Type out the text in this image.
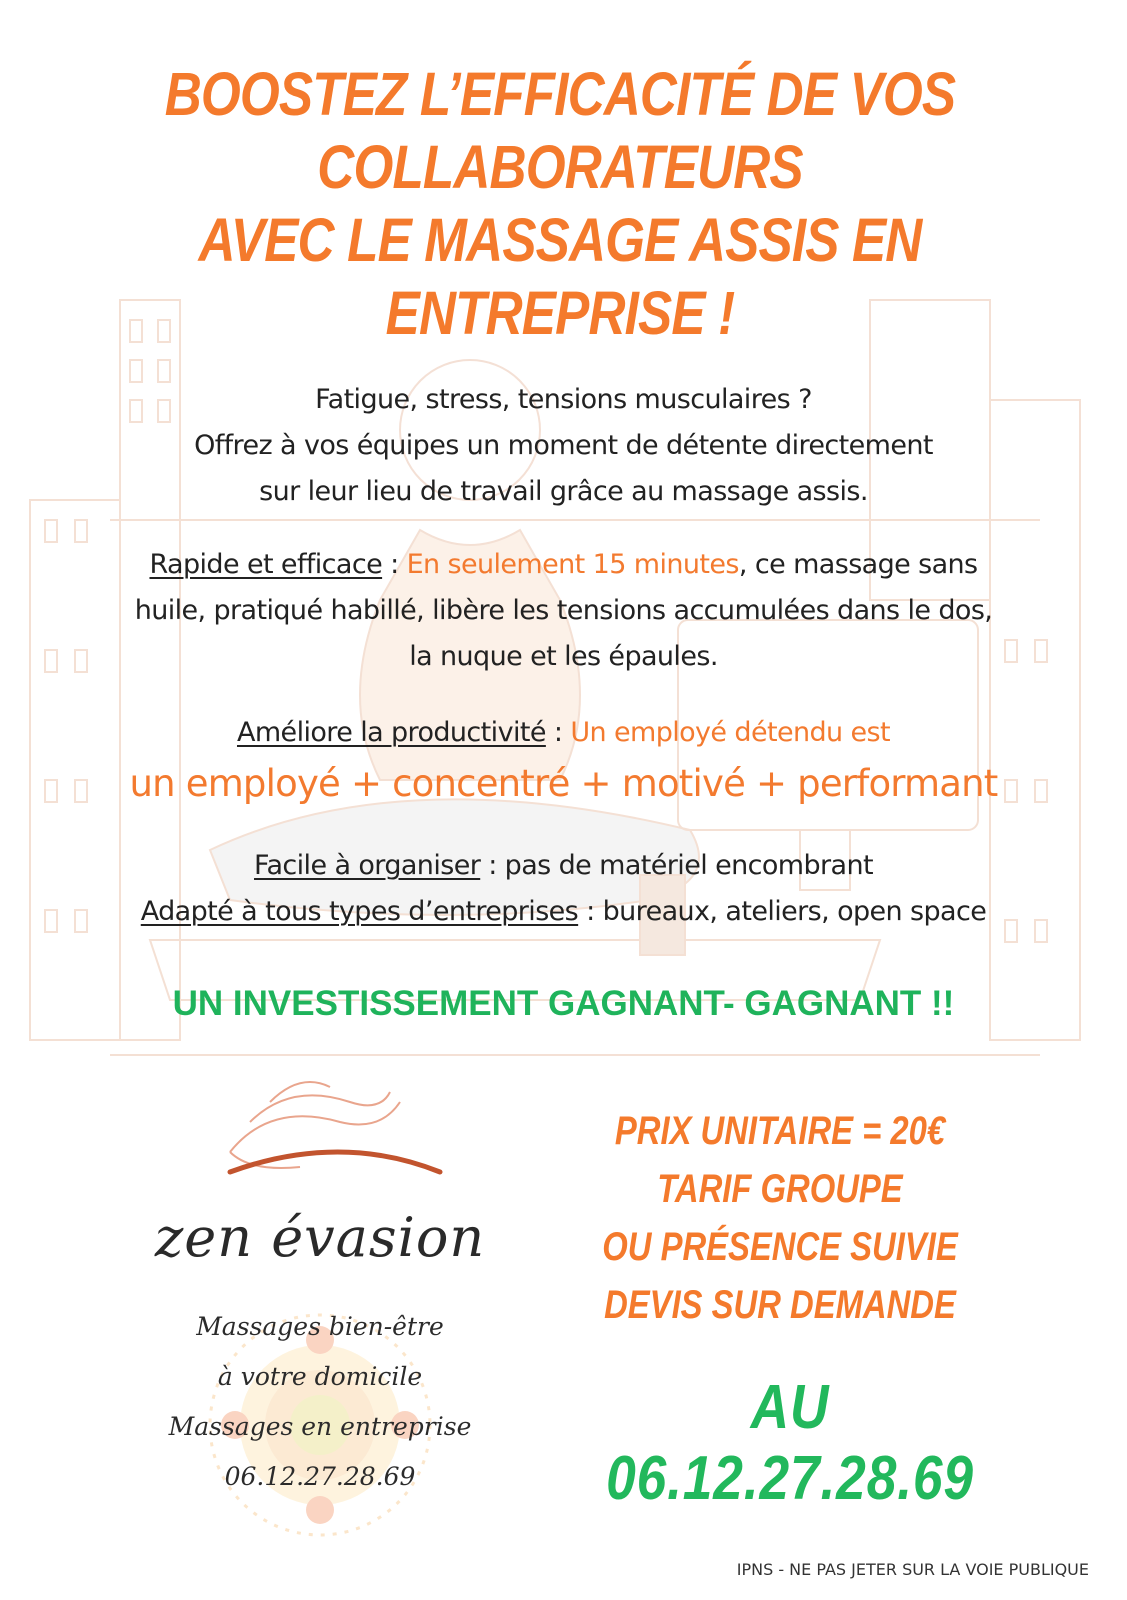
BOOSTEZ L’EFFICACITÉ DE VOS
COLLABORATEURS
AVEC LE MASSAGE ASSIS EN
ENTREPRISE !
Fatigue, stress, tensions musculaires ?
Offrez à vos équipes un moment de détente directement
sur leur lieu de travail grâce au massage assis.
Rapide et efficace : En seulement 15 minutes, ce massage sans
huile, pratiqué habillé, libère les tensions accumulées dans le dos,
la nuque et les épaules.
Améliore la productivité : Un employé détendu est
un employé + concentré + motivé + performant
Facile à organiser : pas de matériel encombrant
Adapté à tous types d’entreprises : bureaux, ateliers, open space
UN INVESTISSEMENT GAGNANT- GAGNANT !!
zen évasion
Massages bien-être
à votre domicile
Massages en entreprise
06.12.27.28.69
PRIX UNITAIRE = 20€
TARIF GROUPE
OU PRÉSENCE SUIVIE
DEVIS SUR DEMANDE
AU 06.12.27.28.69
IPNS - NE PAS JETER SUR LA VOIE PUBLIQUE
